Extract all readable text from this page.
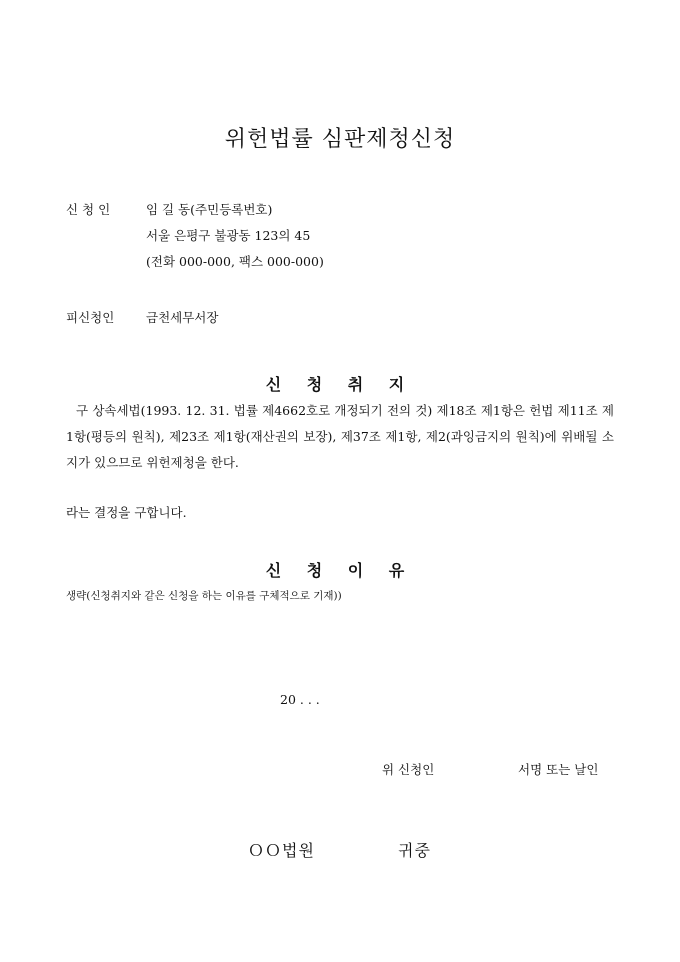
위헌법률 심판제청신청
신 청 인	임 길 동(주민등록번호)
서울 은평구 불광동 123의 45
(전화 000-000, 팩스 000-000)
피신청인	금천세무서장
신 청 취 지
구 상속세법(1993. 12. 31. 법률 제4662호로 개정되기 전의 것) 제18조 제1항은 헌법 제11조 제1항(평등의 원칙), 제23조 제1항(재산권의 보장), 제37조 제1항, 제2(과잉금지의 원칙)에 위배될 소지가 있으므로 위헌제청을 한다.
라는 결정을 구합니다.
신 청 이 유
생략(신청취지와 같은 신청을 하는 이유를 구체적으로 기재))
20 . . .
위 신청인	서명 또는 날인
ＯＯ법원	귀중
